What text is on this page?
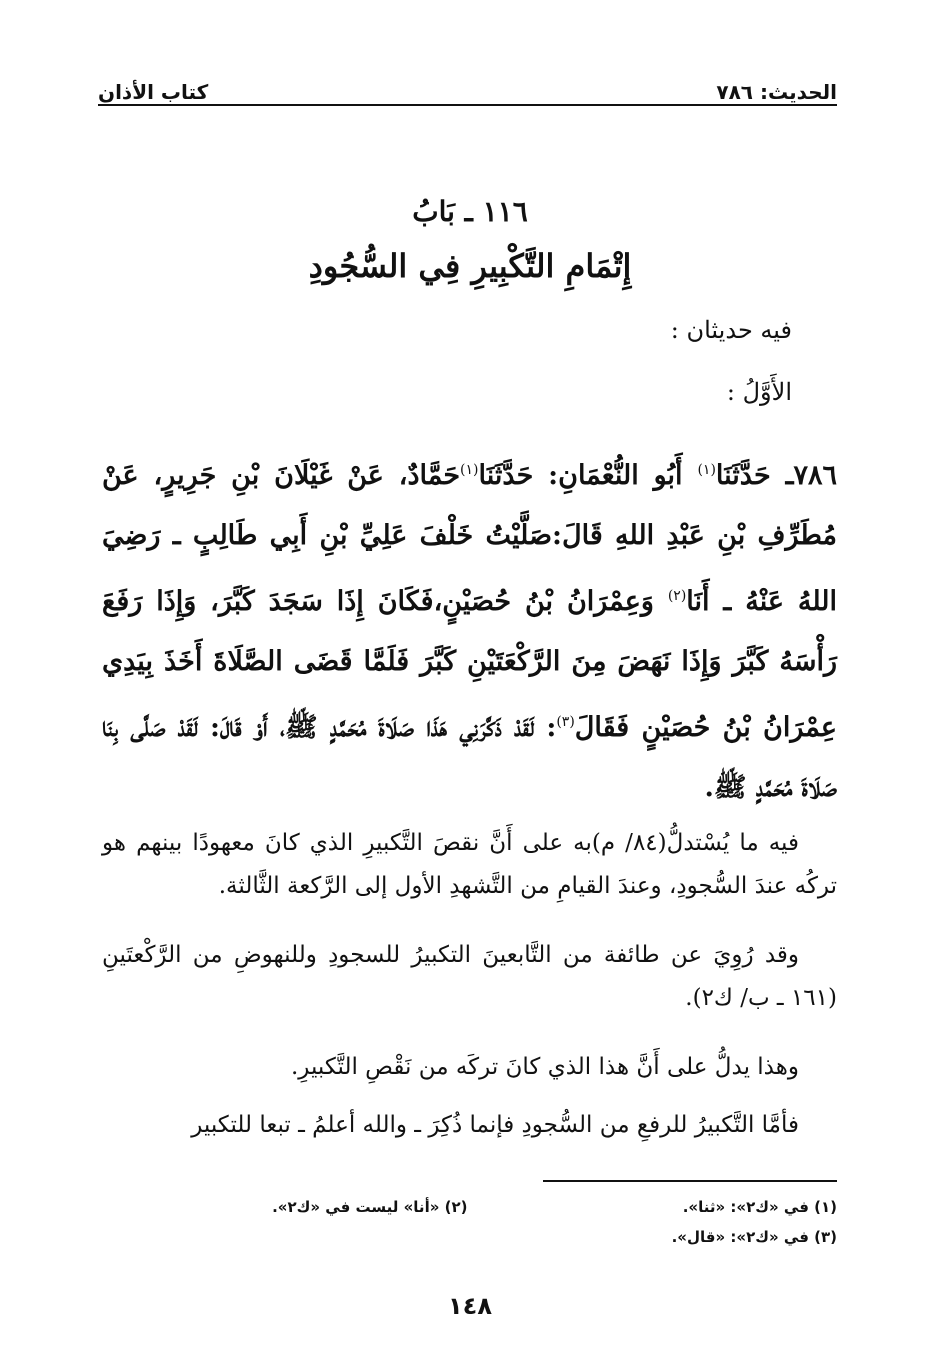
الحديث: ٧٨٦
كتاب الأذان
١١٦ ـ بَابُ
إِتْمَامِ التَّكْبِيرِ فِي السُّجُودِ
فيه حديثان :
الأَوَّلُ :
٧٨٦ـ حَدَّثَنَا$^{(١)}$ أَبُو النُّعْمَانِ: حَدَّثَنَا$^{(١)}$حَمَّادٌ، عَنْ غَيْلَانَ بْنِ جَرِيرٍ، عَنْ مُطَرِّفِ بْنِ عَبْدِ اللهِ قَالَ:صَلَّيْتُ خَلْفَ عَلِيِّ بْنِ أَبِي طَالِبٍ ـ رَضِيَ اللهُ عَنْهُ ـ أَنَا$^{(٢)}$ وَعِمْرَانُ بْنُ حُصَيْنٍ،فَكَانَ إِذَا سَجَدَ كَبَّرَ، وَإِذَا رَفَعَ رَأْسَهُ كَبَّرَ وَإِذَا نَهَضَ مِنَ الرَّكْعَتَيْنِ كَبَّرَ فَلَمَّا قَضَى الصَّلَاةَ أَخَذَ بِيَدِي عِمْرَانُ بْنُ حُصَيْنٍ فَقَالَ$^{(٣)}$: لَقَدْ ذَكَّرَنِي هَذَا صَلَاةَ مُحَمَّدٍ ﷺ، أَوْ قَالَ: لَقَدْ صَلَّى بِنَا صَلَاةَ مُحَمَّدٍ ﷺ.
فيه ما يُسْتدلُّ(٨٤/ م)به على أَنَّ نقصَ التَّكبيرِ الذي كانَ معهودًا بينهم هو تركُه عندَ السُّجودِ، وعندَ القيامِ من التَّشهدِ الأول إلى الرَّكعة الثَّالثة.
وقد رُوِيَ عن طائفة من التَّابعينَ التكبيرُ للسجودِ وللنهوضِ من الرَّكْعتَينِ (١٦١ ـ ب/ ك٢).
وهذا يدلُّ على أَنَّ هذا الذي كانَ تركَه من نَقْصِ التَّكبيرِ.
فأمَّا التَّكبيرُ للرفعِ من السُّجودِ فإنما ذُكِرَ ـ والله أعلمُ ـ تبعا للتكبير
(١) في «ك٢»: «ثنا».
(٢) «أنا» ليست في «ك٢».
(٣) في «ك٢»: «قال».
١٤٨
